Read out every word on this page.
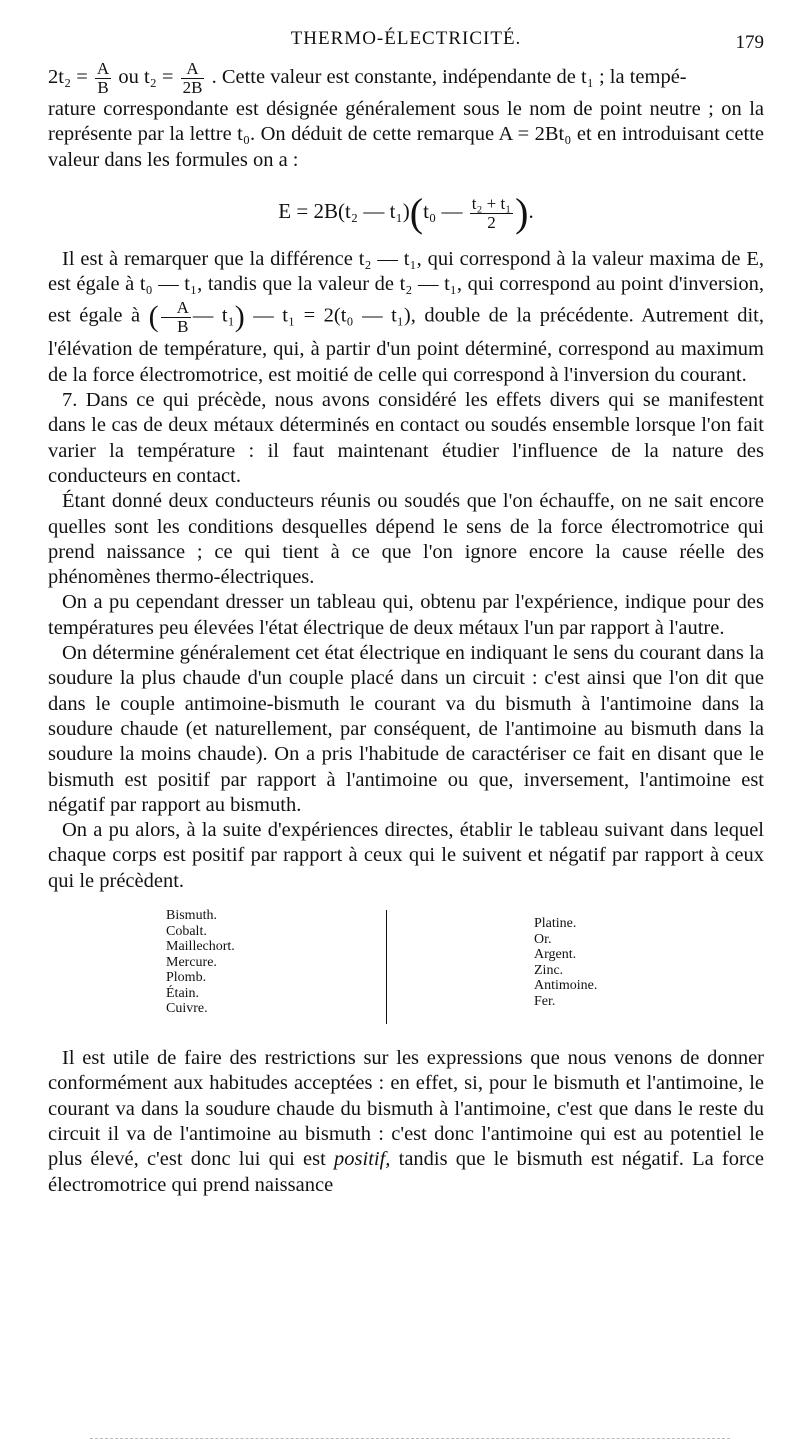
THERMO-ÉLECTRICITÉ.	179
$2t_2 = \frac{A}{B}$ ou $t_2 = \frac{A}{2B}$ . Cette valeur est constante, indépendante de t₁ ; la tempé-

rature correspondante est désignée généralement sous le nom de point neutre ; on la représente par la lettre t₀. On déduit de cette remarque A = 2Bt₀ et en introduisant cette valeur dans les formules on a :

E = 2B(t₂ — t₁)(t₀ — $\frac{\text{t₂ + t₁}}{2}$ ).

Il est à remarquer que la différence t₂ — t₁, qui correspond à la valeur maxima de E, est égale à t₀ — t₁, tandis que la valeur de t₂ — t₁, qui correspond au point d'inversion, est égale à ( $\frac{A}{B}$ — t₁) — t₁ = 2(t₀ — t₁), double de la précédente. Autrement dit, l'élévation de température, qui, à partir d'un point déterminé, correspond au maximum de la force électromotrice, est moitié de celle qui correspond à l'inversion du courant.

7. Dans ce qui précède, nous avons considéré les effets divers qui se manifestent dans le cas de deux métaux déterminés en contact ou soudés ensemble lorsque l'on fait varier la température : il faut maintenant étudier l'influence de la nature des conducteurs en contact.

Étant donné deux conducteurs réunis ou soudés que l'on échauffe, on ne sait encore quelles sont les conditions desquelles dépend le sens de la force électromotrice qui prend naissance ; ce qui tient à ce que l'on ignore encore la cause réelle des phénomènes thermo-électriques.

On a pu cependant dresser un tableau qui, obtenu par l'expérience, indique pour des températures peu élevées l'état électrique de deux métaux l'un par rapport à l'autre.

On détermine généralement cet état électrique en indiquant le sens du courant dans la soudure la plus chaude d'un couple placé dans un circuit : c'est ainsi que l'on dit que dans le couple antimoine-bismuth le courant va du bismuth à l'antimoine dans la soudure chaude (et naturellement, par conséquent, de l'antimoine au bismuth dans la soudure la moins chaude). On a pris l'habitude de caractériser ce fait en disant que le bismuth est positif par rapport à l'antimoine ou que, inversement, l'antimoine est négatif par rapport au bismuth.

On a pu alors, à la suite d'expériences directes, établir le tableau suivant dans lequel chaque corps est positif par rapport à ceux qui le suivent et négatif par rapport à ceux qui le précèdent.

Bismuth.
Cobalt.
Maillechort.
Mercure.
Plomb.
Étain.
Cuivre.
Platine.
Or.
Argent.
Zinc.
Antimoine.
Fer.

Il est utile de faire des restrictions sur les expressions que nous venons de donner conformément aux habitudes acceptées : en effet, si, pour le bismuth et l'antimoine, le courant va dans la soudure chaude du bismuth à l'antimoine, c'est que dans le reste du circuit il va de l'antimoine au bismuth : c'est donc l'antimoine qui est au potentiel le plus élevé, c'est donc lui qui est positif, tandis que le bismuth est négatif. La force électromotrice qui prend naissance
